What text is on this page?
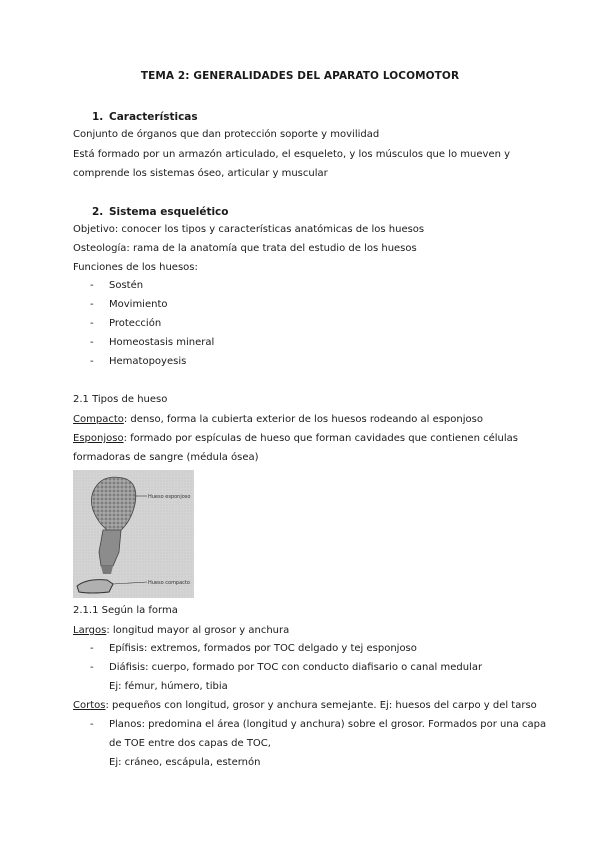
TEMA 2: GENERALIDADES DEL APARATO LOCOMOTOR
1. Características
Conjunto de órganos que dan protección soporte y movilidad
Está formado por un armazón articulado, el esqueleto, y los músculos que lo mueven y
comprende los sistemas óseo, articular y muscular
2. Sistema esquelético
Objetivo: conocer los tipos y características anatómicas de los huesos
Osteología: rama de la anatomía que trata del estudio de los huesos
Funciones de los huesos:
- Sostén
- Movimiento
- Protección
- Homeostasis mineral
- Hematopoyesis
2.1 Tipos de hueso
Compacto: denso, forma la cubierta exterior de los huesos rodeando al esponjoso
Esponjoso: formado por espículas de hueso que forman cavidades que contienen células
formadoras de sangre (médula ósea)
Hueso esponjoso
Hueso compacto
2.1.1 Según la forma
Largos: longitud mayor al grosor y anchura
- Epífisis: extremos, formados por TOC delgado y tej esponjoso
- Diáfisis: cuerpo, formado por TOC con conducto diafisario o canal medular
Ej: fémur, húmero, tibia
Cortos: pequeños con longitud, grosor y anchura semejante. Ej: huesos del carpo y del tarso
- Planos: predomina el área (longitud y anchura) sobre el grosor. Formados por una capa
de TOE entre dos capas de TOC,
Ej: cráneo, escápula, esternón
